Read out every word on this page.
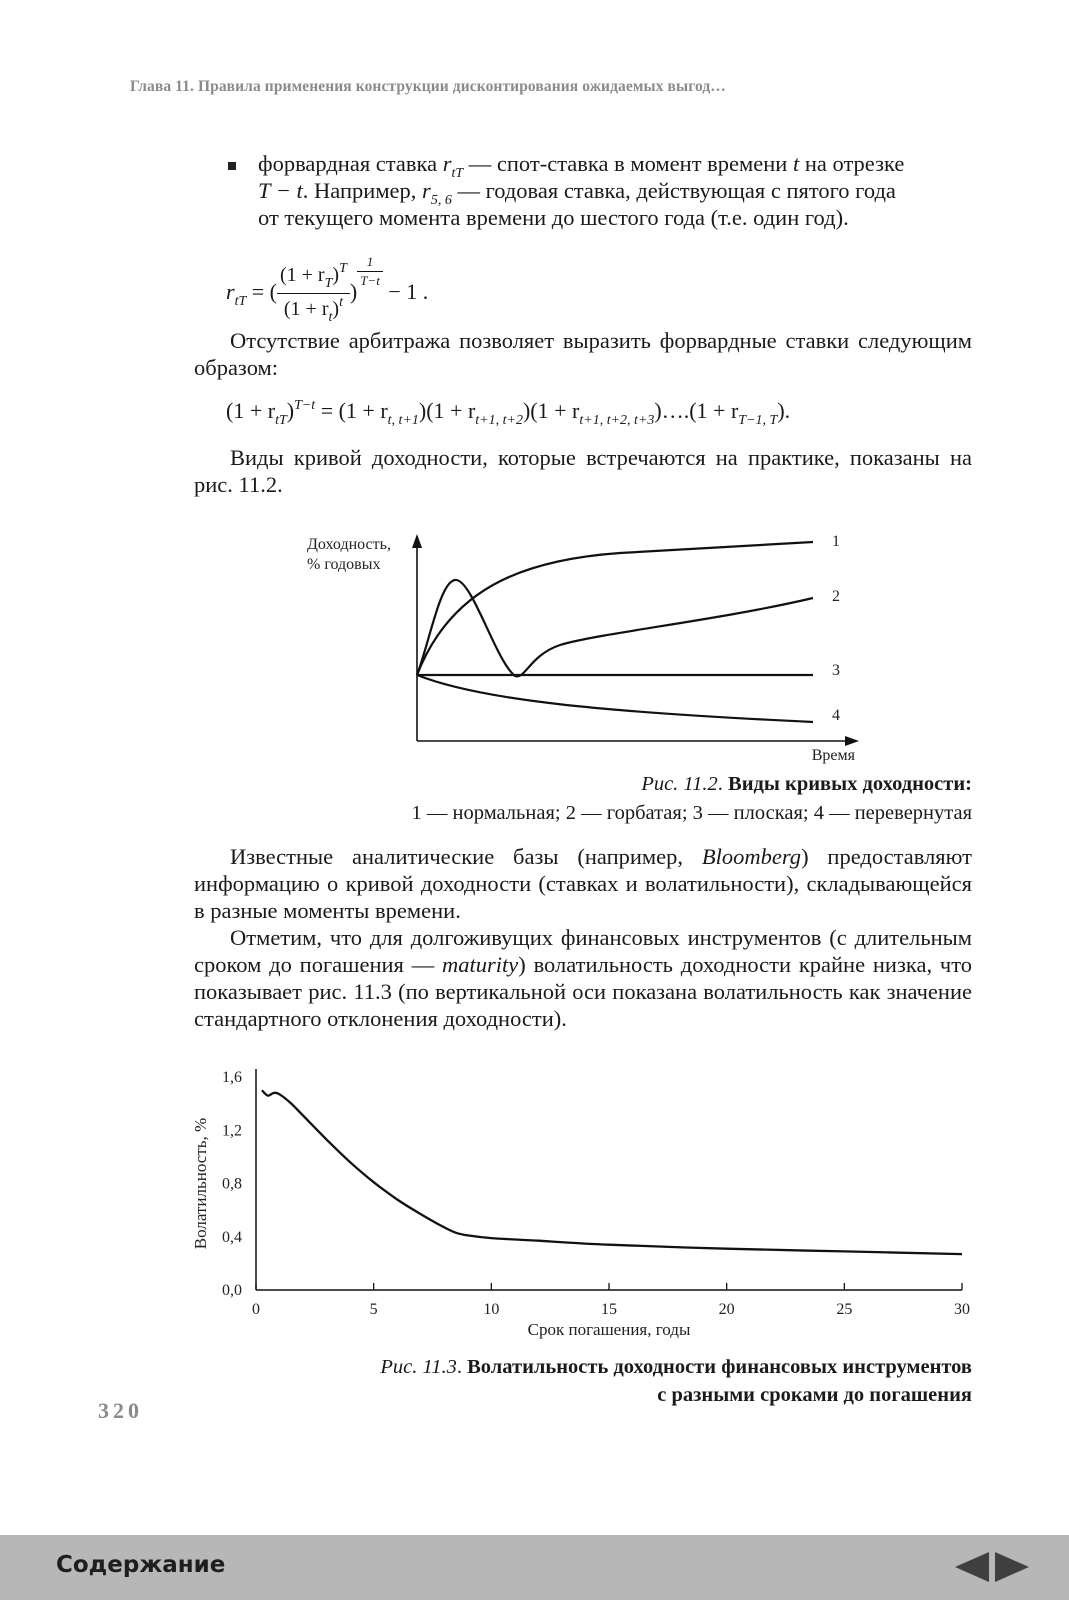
Глава 11. Правила применения конструкции дисконтирования ожидаемых выгод…
форвардная ставка $r_{tT}$ — спот-ставка в момент времени t на отрезке
T − t. Например, $r_{5, 6}$ — годовая ставка, действующая с пятого года
от текущего момента времени до шестого года (т.е. один год).
$r_{tT}$ = ( $\frac{(1 + r_T)^T}{(1 + r_t)^t}$ )
$\frac{1}{T-t}$
− 1 .
Отсутствие арбитража позволяет выразить форвардные ставки следующим образом:
$(1 + r_{tT})^{T-t} = (1 + r_{t, t+1})(1 + r_{t+1, t+2})(1$ + $r_{t+1, t+2, t+3})\dots.(1 + r_{T-1, T})$.
Виды кривой доходности, которые встречаются на практике, показаны на рис. 11.2.
Доходность,
% годовых
1
2
3
4
Время
Рис. 11.2. Виды кривых доходности:
1 — нормальная; 2 — горбатая; 3 — плоская; 4 — перевернутая
Известные аналитические базы (например, Bloomberg) предоставляют информацию о кривой доходности (ставках и волатильности), складывающейся в разные моменты времени.
Отметим, что для долгоживущих финансовых инструментов (с длительным сроком до погашения — maturity) волатильность доходности крайне низка, что показывает рис. 11.3 (по вертикальной оси показана волатильность как значение стандартного отклонения доходности).
0	5	10	15	20	25	30
0,0
0,4
0,8
1,2
1,6
Срок погашения, годы
Волатильность, %
Рис. 11.3. Волатильность доходности финансовых инструментов
с разными сроками до погашения
320
Содержание
